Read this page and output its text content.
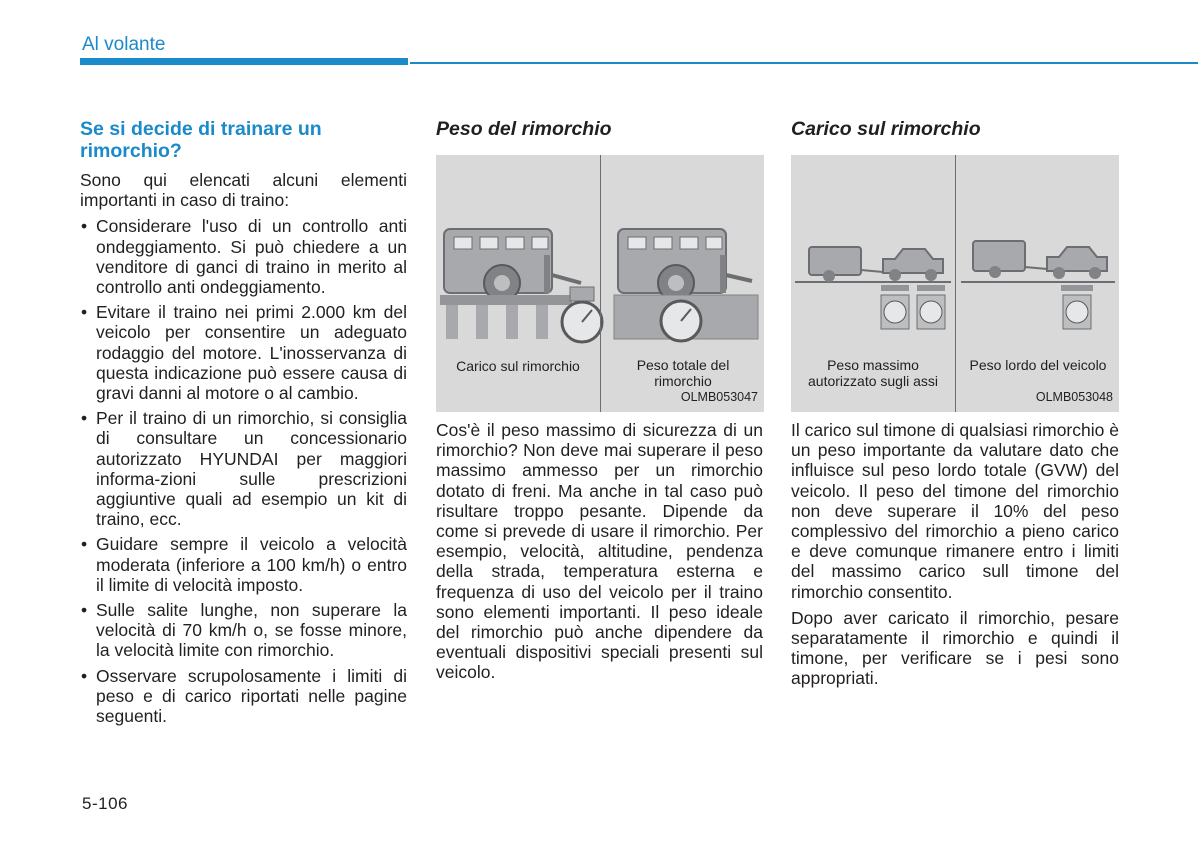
Al volante
Se si decide di trainare un rimorchio?

Sono qui elencati alcuni elementi importanti in caso di traino:

• Considerare l'uso di un controllo anti ondeggiamento. Si può chiedere a un venditore di ganci di traino in merito al controllo anti ondeggiamento.
• Evitare il traino nei primi 2.000 km del veicolo per consentire un adeguato rodaggio del motore. L'inosservanza di questa indicazione può essere causa di gravi danni al motore o al cambio.
• Per il traino di un rimorchio, si consiglia di consultare un concessionario autorizzato HYUNDAI per maggiori informa-zioni sulle prescrizioni aggiuntive quali ad esempio un kit di traino, ecc.
• Guidare sempre il veicolo a velocità moderata (inferiore a 100 km/h) o entro il limite di velocità imposto.
• Sulle salite lunghe, non superare la velocità di 70 km/h o, se fosse minore, la velocità limite con rimorchio.
• Osservare scrupolosamente i limiti di peso e di carico riportati nelle pagine seguenti.
Peso del rimorchio
Carico sul rimorchio	Peso totale del rimorchio
OLMB053047

Cos'è il peso massimo di sicurezza di un rimorchio? Non deve mai superare il peso massimo ammesso per un rimorchio dotato di freni. Ma anche in tal caso può risultare troppo pesante. Dipende da come si prevede di usare il rimorchio. Per esempio, velocità, altitudine, pendenza della strada, temperatura esterna e frequenza di uso del veicolo per il traino sono elementi importanti. Il peso ideale del rimorchio può anche dipendere da eventuali dispositivi speciali presenti sul veicolo.

Carico sul rimorchio
Peso massimo autorizzato sugli assi
Peso lordo del veicolo
OLMB053048

Il carico sul timone di qualsiasi rimorchio è un peso importante da valutare dato che influisce sul peso lordo totale (GVW) del veicolo. Il peso del timone del rimorchio non deve superare il 10% del peso complessivo del rimorchio a pieno carico e deve comunque rimanere entro i limiti del massimo carico sull timone del rimorchio consentito.

Dopo aver caricato il rimorchio, pesare separatamente il rimorchio e quindi il timone, per verificare se i pesi sono appropriati.

5-106
